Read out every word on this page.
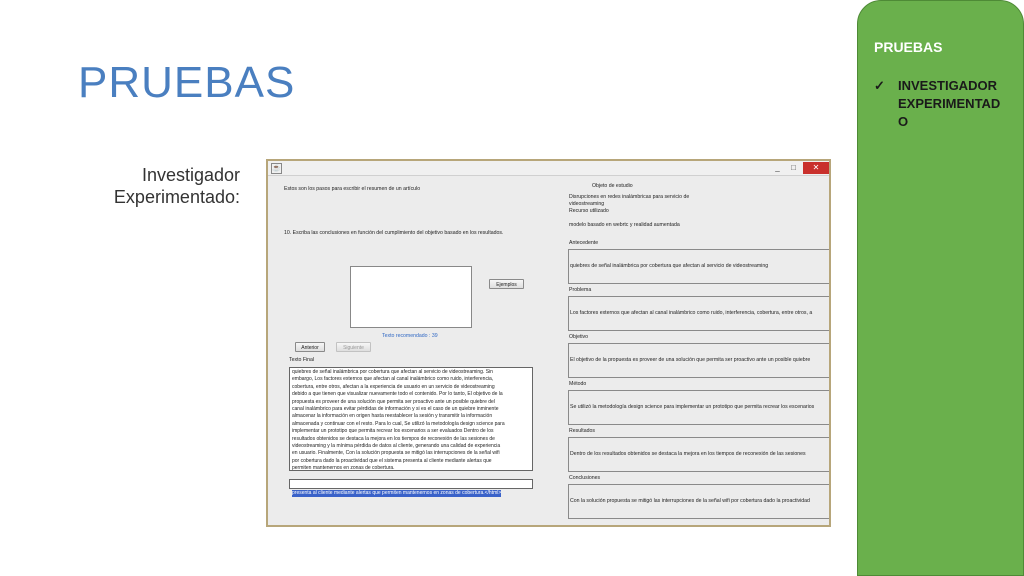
PRUEBAS
Investigador
Experimentado:
PRUEBAS
✓	INVESTIGADOR
EXPERIMENTAD
O
☕	_	□	✕
Estos son los pasos para escribir el resumen de un artículo
10. Escriba las conclusiones en función del cumplimiento del objetivo basado en los resultados.
Ejemplos
Texto recomendado : 39
Anterior	Siguiente
Texto Final
quiebres de señal inalámbrica por cobertura que afectan al servicio de videostreaming. Sin
embargo, Los factores externos que afectan al canal inalámbrico como ruido, interferencia,
cobertura, entre otros, afectan a la experiencia de usuario en un servicio de videostreaming
debido a que tienen que visualizar nuevamente todo el contenido. Por lo tanto, El objetivo de la
propuesta es proveer de una solución que permita ser proactivo ante un posible quiebre del
canal inalámbrico para evitar pérdidas de información y si es el caso de un quiebre inminente
almacenar la información en origen hasta reestablecer la sesión y transmitir la información
almacenada y continuar con el resto. Para lo cual, Se utilizó la metodología design science para
implementar un prototipo que permita recrear los escenarios a ser evaluados Dentro de los
resultados obtenidos se destaca la mejora en los tiempos de reconexión de las sesiones de
videostreaming y la mínima pérdida de datos al cliente, generando una calidad de experiencia
en usuario. Finalmente, Con la solución propuesta se mitigó las interrupciones de la señal wifi
por cobertura dado la proactividad que el sistema presenta al cliente mediante alertas que
permiten mantenernos en zonas de cobertura.
presenta al cliente mediante alertas que permiten mantenernos en zonas de cobertura.</html>
Objeto de estudio
Disrupciones en redes inalámbricas para servicio de
videostreaming
Recurso utilizado
modelo basado en webrtc y realidad aumentada
Antecedente
quiebres de señal inalámbrica por cobertura que afectan al servicio de videostreaming
Problema
Los factores externos que afectan al canal inalámbrico como ruido, interferencia, cobertura, entre otros, a
Objetivo
El objetivo de la propuesta es proveer de una solución que permita ser proactivo ante un posible quiebre
Método
Se utilizó la metodología design science para implementar un prototipo que permita recrear los escenarios
Resultados
Dentro de los resultados obtenidos se destaca la mejora en los tiempos de reconexión de las sesiones
Conclusiones
Con la solución propuesta se mitigó las interrupciones de la señal wifi por cobertura dado la proactividad
